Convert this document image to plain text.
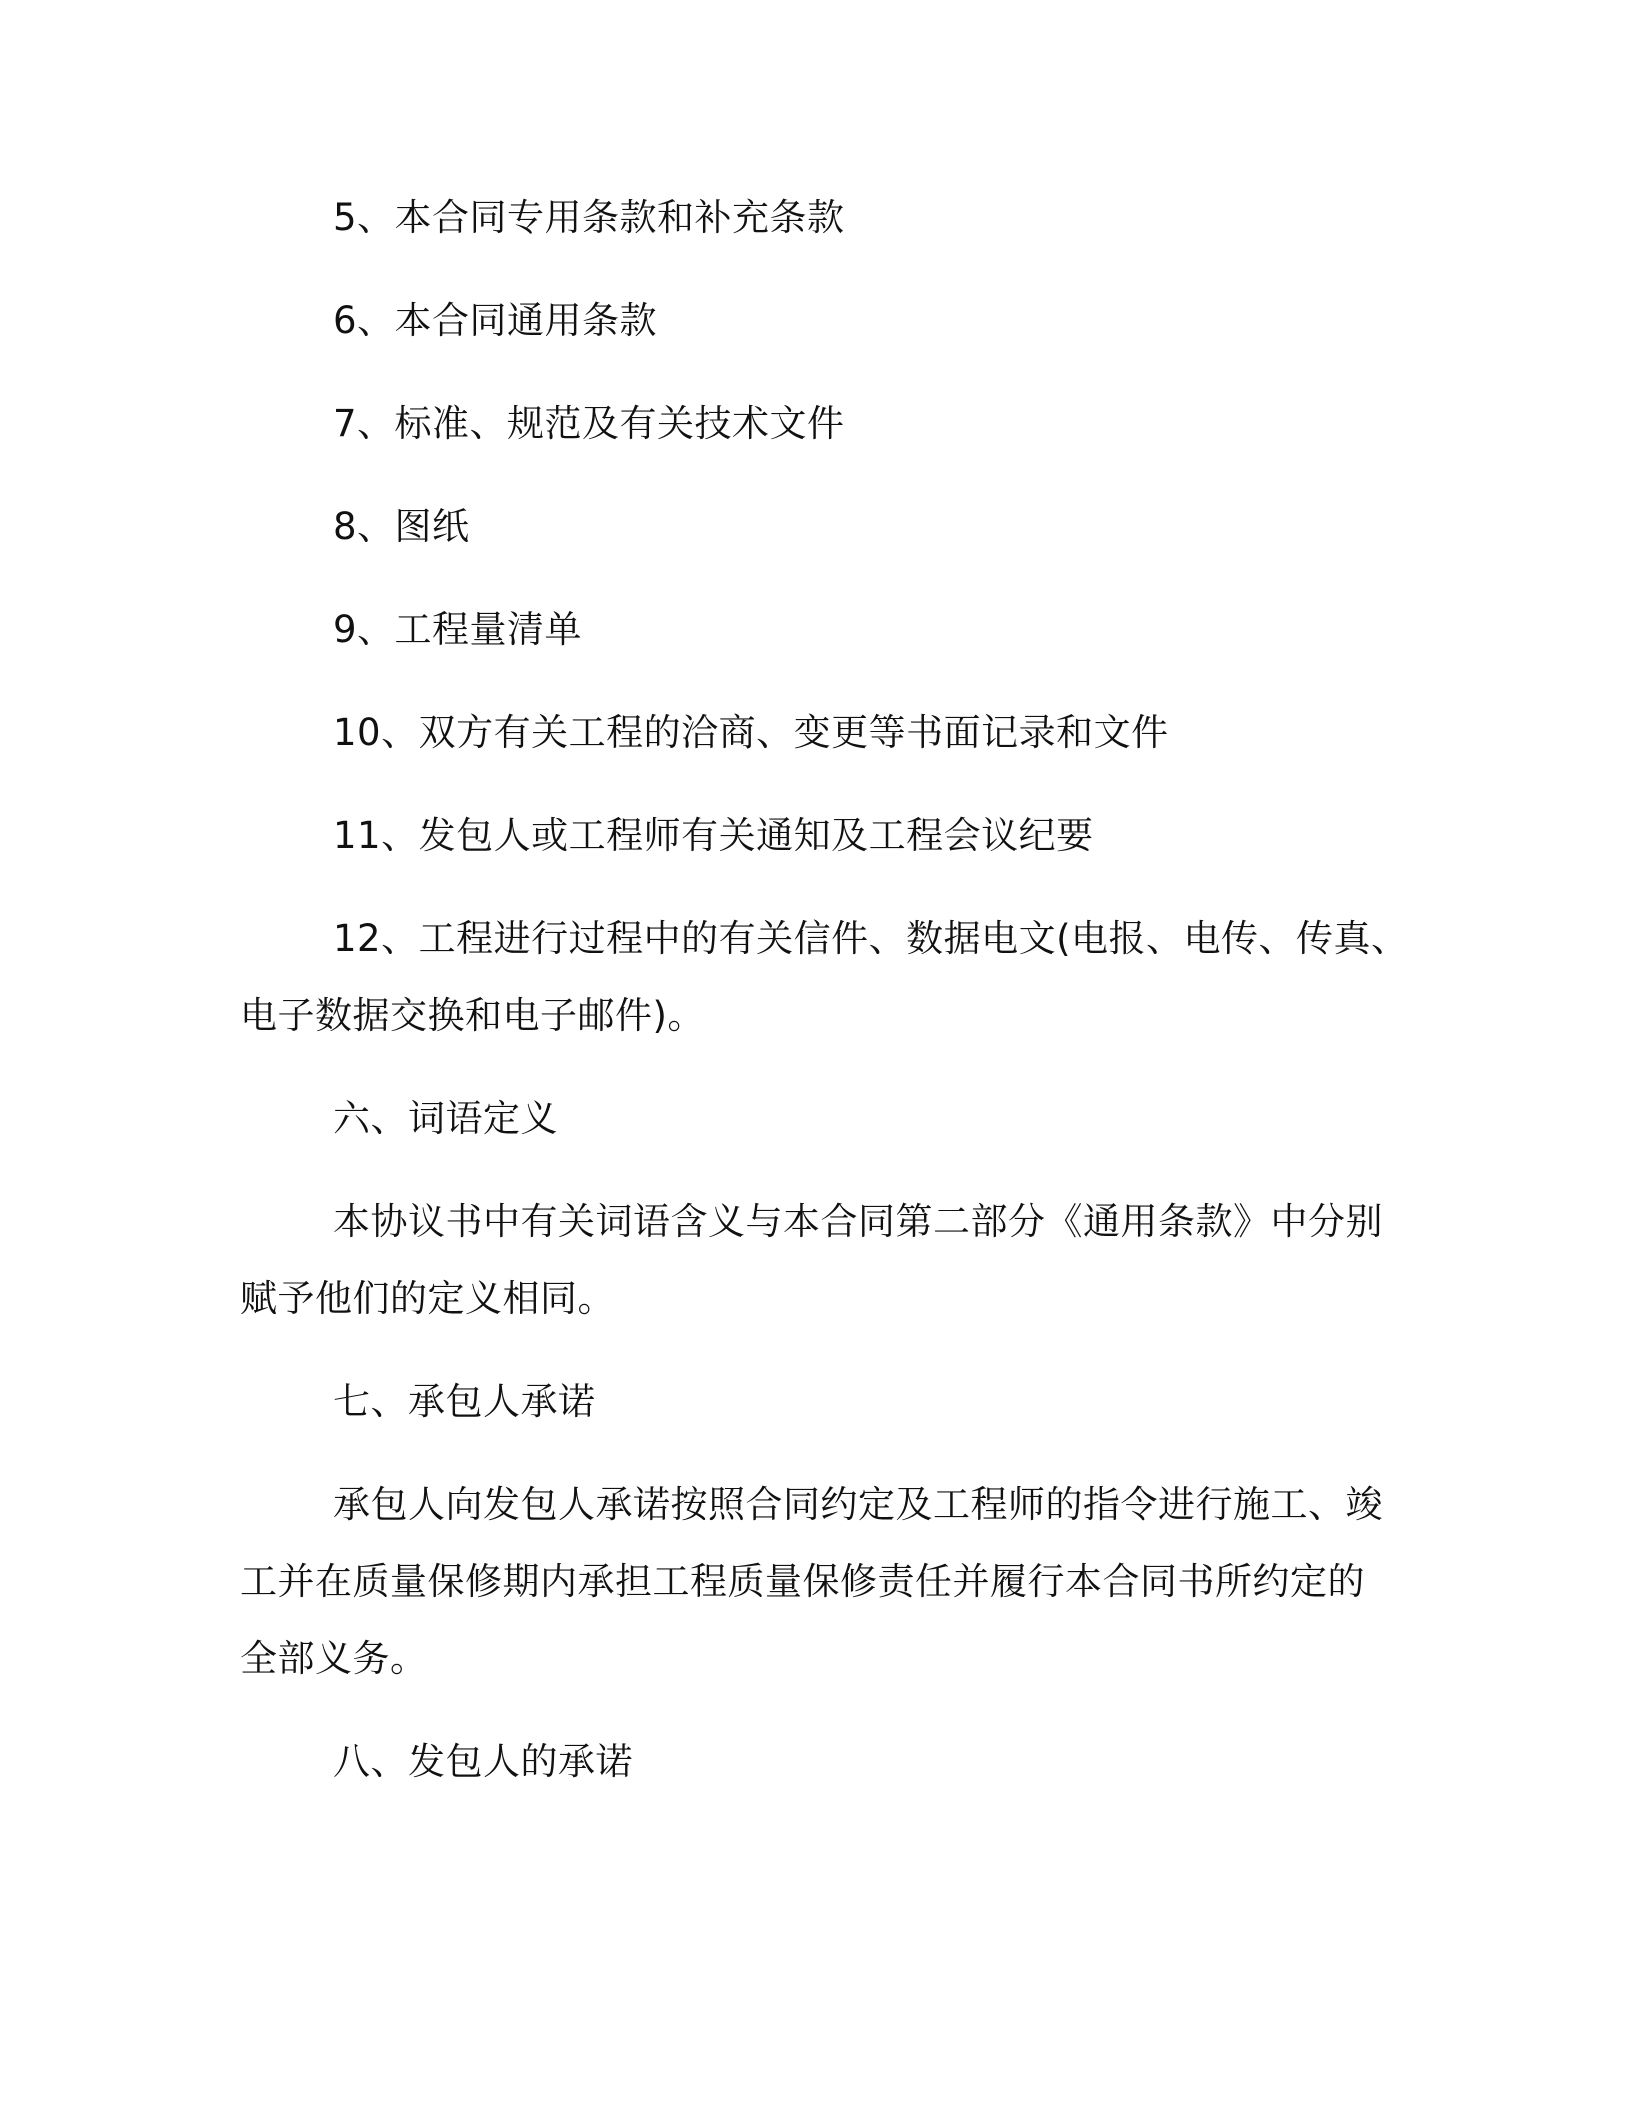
5、本合同专用条款和补充条款

6、本合同通用条款

7、标准、规范及有关技术文件

8、图纸

9、工程量清单

10、双方有关工程的洽商、变更等书面记录和文件

11、发包人或工程师有关通知及工程会议纪要

12、工程进行过程中的有关信件、数据电文(电报、电传、传真、

电子数据交换和电子邮件)。

六、词语定义

本协议书中有关词语含义与本合同第二部分《通用条款》中分别

赋予他们的定义相同。

七、承包人承诺

承包人向发包人承诺按照合同约定及工程师的指令进行施工、竣

工并在质量保修期内承担工程质量保修责任并履行本合同书所约定的

全部义务。

八、发包人的承诺
